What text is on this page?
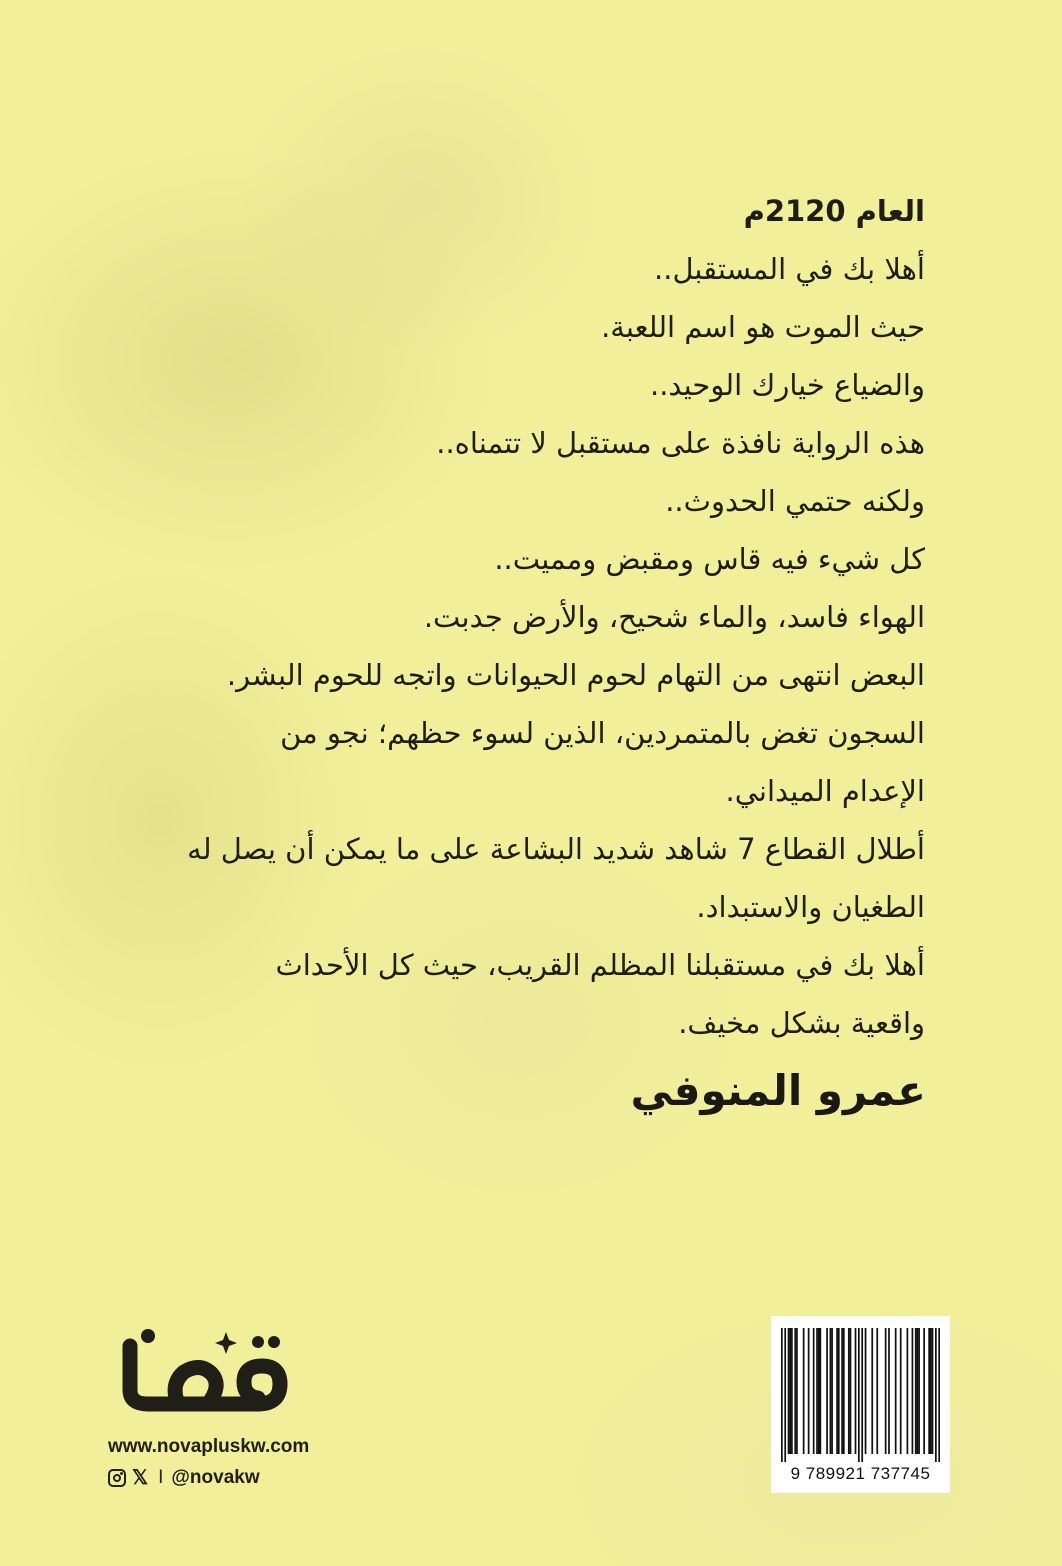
العام 2120م
أهلا بك في المستقبل..
حيث الموت هو اسم اللعبة.
والضياع خيارك الوحيد..
هذه الرواية نافذة على مستقبل لا تتمناه..
ولكنه حتمي الحدوث..
كل شيء فيه قاس ومقبض ومميت..
الهواء فاسد، والماء شحيح، والأرض جدبت.
البعض انتهى من التهام لحوم الحيوانات واتجه للحوم البشر.
السجون تغض بالمتمردين، الذين لسوء حظهم؛ نجو من
الإعدام الميداني.
أطلال القطاع 7 شاهد شديد البشاعة على ما يمكن أن يصل له
الطغيان والاستبداد.
أهلا بك في مستقبلنا المظلم القريب، حيث كل الأحداث
واقعية بشكل مخيف.
عمرو المنوفي
www.novapluskw.com
𝕏 I @novakw	9 789921 737745
